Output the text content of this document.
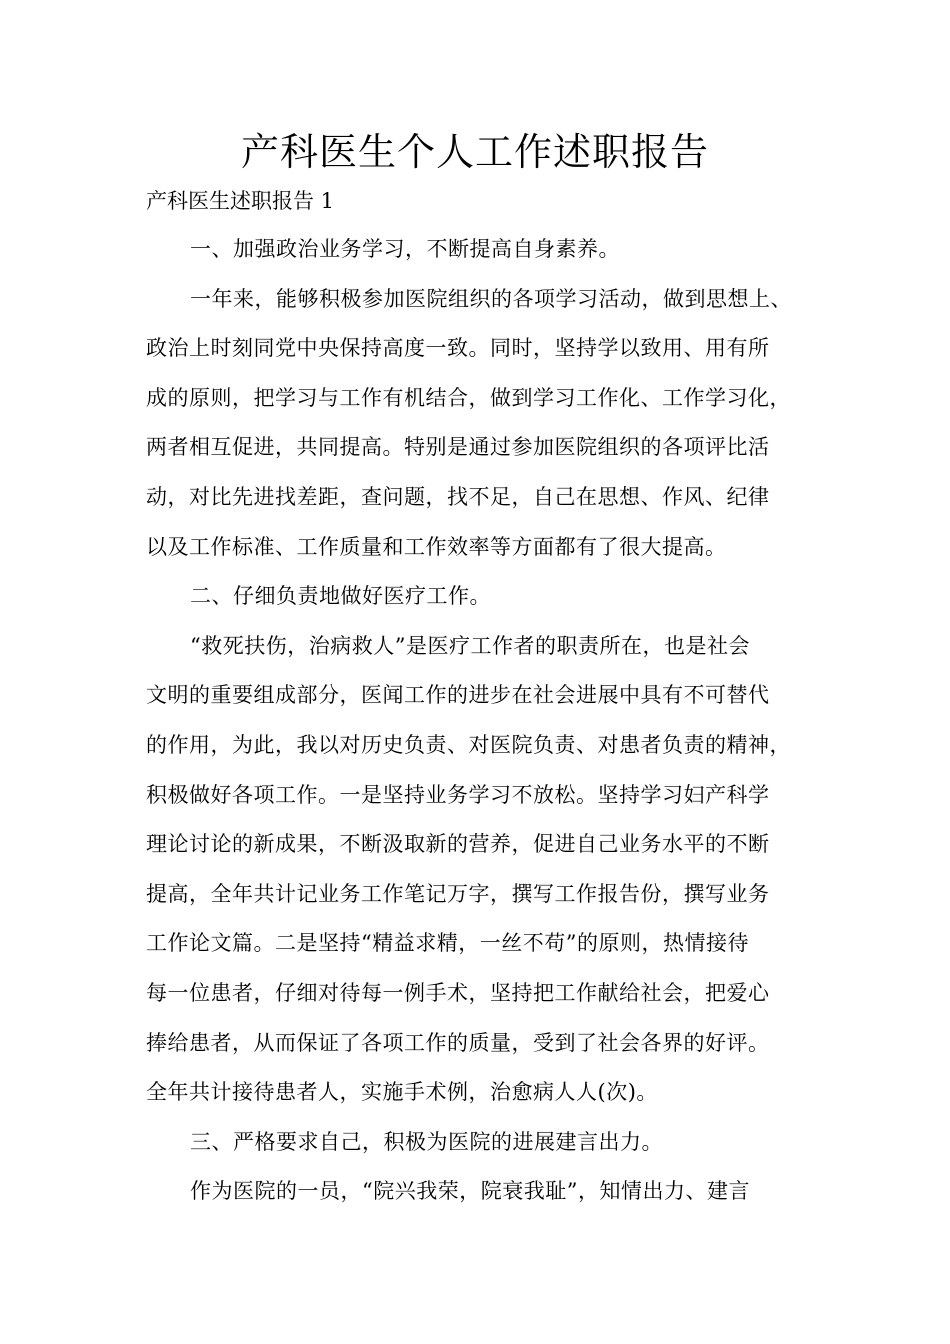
产科医生个人工作述职报告

产科医生述职报告 1

一、加强政治业务学习，不断提高自身素养。
一年来，能够积极参加医院组织的各项学习活动，做到思想上、
政治上时刻同党中央保持高度一致。同时，坚持学以致用、用有所
成的原则，把学习与工作有机结合，做到学习工作化、工作学习化，
两者相互促进，共同提高。特别是通过参加医院组织的各项评比活
动，对比先进找差距，查问题，找不足，自己在思想、作风、纪律
以及工作标准、工作质量和工作效率等方面都有了很大提高。
二、仔细负责地做好医疗工作。
“救死扶伤，治病救人”是医疗工作者的职责所在，也是社会
文明的重要组成部分，医闻工作的进步在社会进展中具有不可替代
的作用，为此，我以对历史负责、对医院负责、对患者负责的精神，
积极做好各项工作。一是坚持业务学习不放松。坚持学习妇产科学
理论讨论的新成果，不断汲取新的营养，促进自己业务水平的不断
提高，全年共计记业务工作笔记万字，撰写工作报告份，撰写业务
工作论文篇。二是坚持“精益求精，一丝不苟”的原则，热情接待
每一位患者，仔细对待每一例手术，坚持把工作献给社会，把爱心
捧给患者，从而保证了各项工作的质量，受到了社会各界的好评。
全年共计接待患者人，实施手术例，治愈病人人(次)。
三、严格要求自己，积极为医院的进展建言出力。
作为医院的一员，“院兴我荣，院衰我耻”，知情出力、建言
